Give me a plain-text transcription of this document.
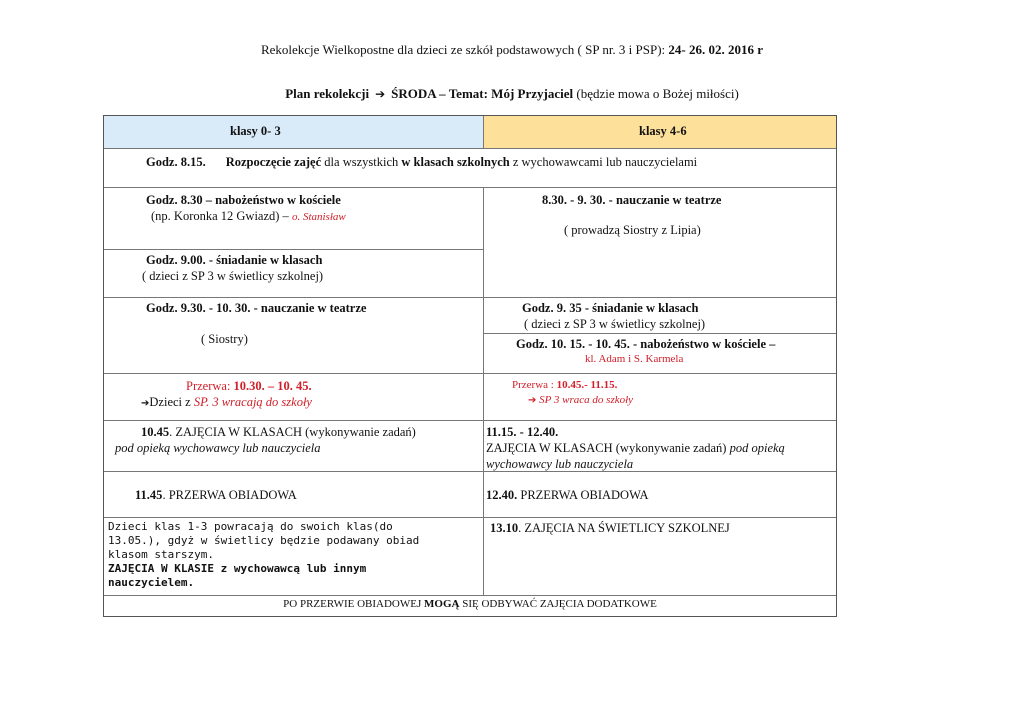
Rekolekcje Wielkopostne dla dzieci ze szkół podstawowych ( SP nr. 3 i PSP): 24- 26. 02. 2016 r
Plan rekolekcji ➔ ŚRODA – Temat: Mój Przyjaciel (będzie mowa o Bożej miłości)
klasy 0- 3	klasy 4-6
Godz. 8.15. Rozpoczęcie zajęć dla wszystkich w klasach szkolnych z wychowawcami lub nauczycielami
Godz. 8.30 – nabożeństwo w kościele
(np. Koronka 12 Gwiazd) – o. Stanisław
Godz. 9.00. - śniadanie w klasach
( dzieci z SP 3 w świetlicy szkolnej)
8.30. - 9. 30. - nauczanie w teatrze
( prowadzą Siostry z Lipia)
Godz. 9.30. - 10. 30. - nauczanie w teatrze
( Siostry)
Godz. 9. 35 - śniadanie w klasach
( dzieci z SP 3 w świetlicy szkolnej)
Godz. 10. 15. - 10. 45. - nabożeństwo w kościele –
kl. Adam i S. Karmela
Przerwa: 10.30. – 10. 45.
➔Dzieci z SP. 3 wracają do szkoły
Przerwa : 10.45.- 11.15.
➔ SP 3 wraca do szkoły
10.45. ZAJĘCIA W KLASACH (wykonywanie zadań)
pod opieką wychowawcy lub nauczyciela
11.15. - 12.40.
ZAJĘCIA W KLASACH (wykonywanie zadań) pod opieką
wychowawcy lub nauczyciela
11.45. PRZERWA OBIADOWA	12.40. PRZERWA OBIADOWA
Dzieci klas 1-3 powracają do swoich klas(do
13.05.), gdyż w świetlicy będzie podawany obiad
klasom starszym.
ZAJĘCIA W KLASIE z wychowawcą lub innym
nauczycielem.
13.10. ZAJĘCIA NA ŚWIETLICY SZKOLNEJ
PO PRZERWIE OBIADOWEJ MOGĄ SIĘ ODBYWAĆ ZAJĘCIA DODATKOWE
